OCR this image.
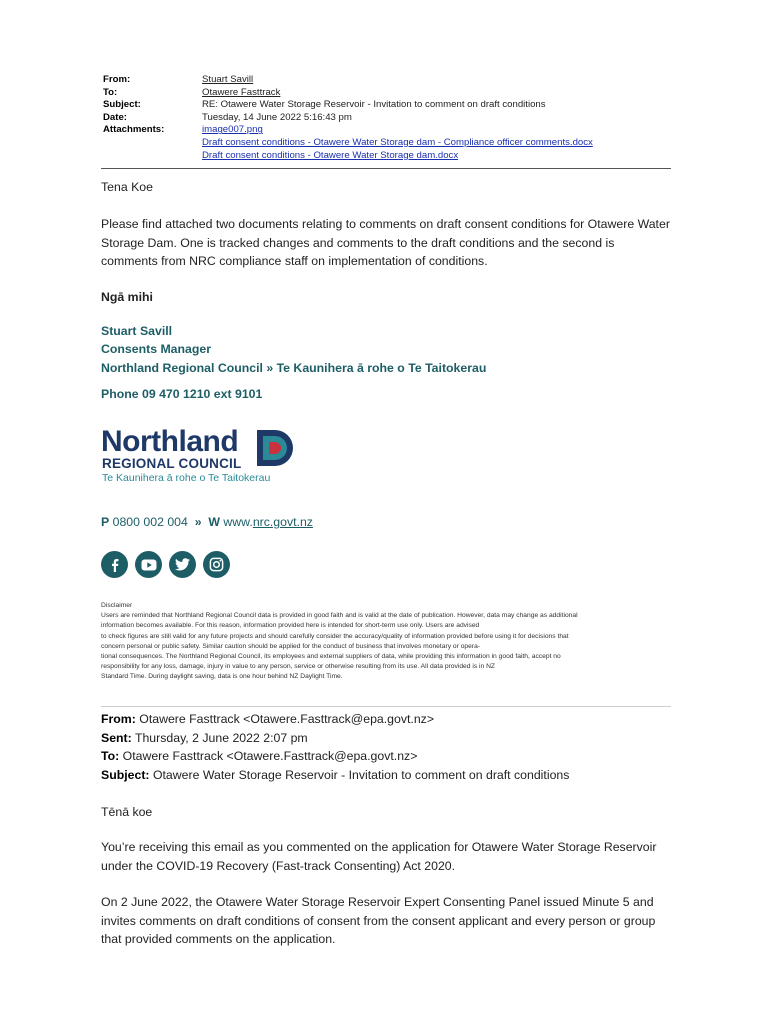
From:	Stuart Savill
To:	Otawere Fasttrack
Subject:	RE: Otawere Water Storage Reservoir - Invitation to comment on draft conditions
Date:	Tuesday, 14 June 2022 5:16:43 pm
Attachments:	image007.png
Draft consent conditions - Otawere Water Storage dam - Compliance officer comments.docx
Draft consent conditions - Otawere Water Storage dam.docx
Tena Koe
Please find attached two documents relating to comments on draft consent conditions for Otawere Water Storage Dam. One is tracked changes and comments to the draft conditions and the second is comments from NRC compliance staff on implementation of conditions.
Ngā mihi
Stuart Savill
Consents Manager
Northland Regional Council » Te Kaunihera ā rohe o Te Taitokerau
Phone 09 470 1210 ext 9101
Northland
REGIONAL COUNCIL
Te Kaunihera ā rohe o Te Taitokerau
P 0800 002 004 » W www.nrc.govt.nz
Disclaimer
Users are reminded that Northland Regional Council data is provided in good faith and is valid at the date of publication. However, data may change as additional
information becomes available. For this reason, information provided here is intended for short-term use only. Users are advised
to check figures are still valid for any future projects and should carefully consider the accuracy/quality of information provided before using it for decisions that
concern personal or public safety. Similar caution should be applied for the conduct of business that involves monetary or opera-
tional consequences. The Northland Regional Council, its employees and external suppliers of data, while providing this information in good faith, accept no
responsibility for any loss, damage, injury in value to any person, service or otherwise resulting from its use. All data provided is in NZ
Standard Time. During daylight saving, data is one hour behind NZ Daylight Time.
From: Otawere Fasttrack <Otawere.Fasttrack@epa.govt.nz>
Sent: Thursday, 2 June 2022 2:07 pm
To: Otawere Fasttrack <Otawere.Fasttrack@epa.govt.nz>
Subject: Otawere Water Storage Reservoir - Invitation to comment on draft conditions
Tēnā koe
You’re receiving this email as you commented on the application for Otawere Water Storage Reservoir under the COVID-19 Recovery (Fast-track Consenting) Act 2020.
On 2 June 2022, the Otawere Water Storage Reservoir Expert Consenting Panel issued Minute 5 and invites comments on draft conditions of consent from the consent applicant and every person or group that provided comments on the application.
